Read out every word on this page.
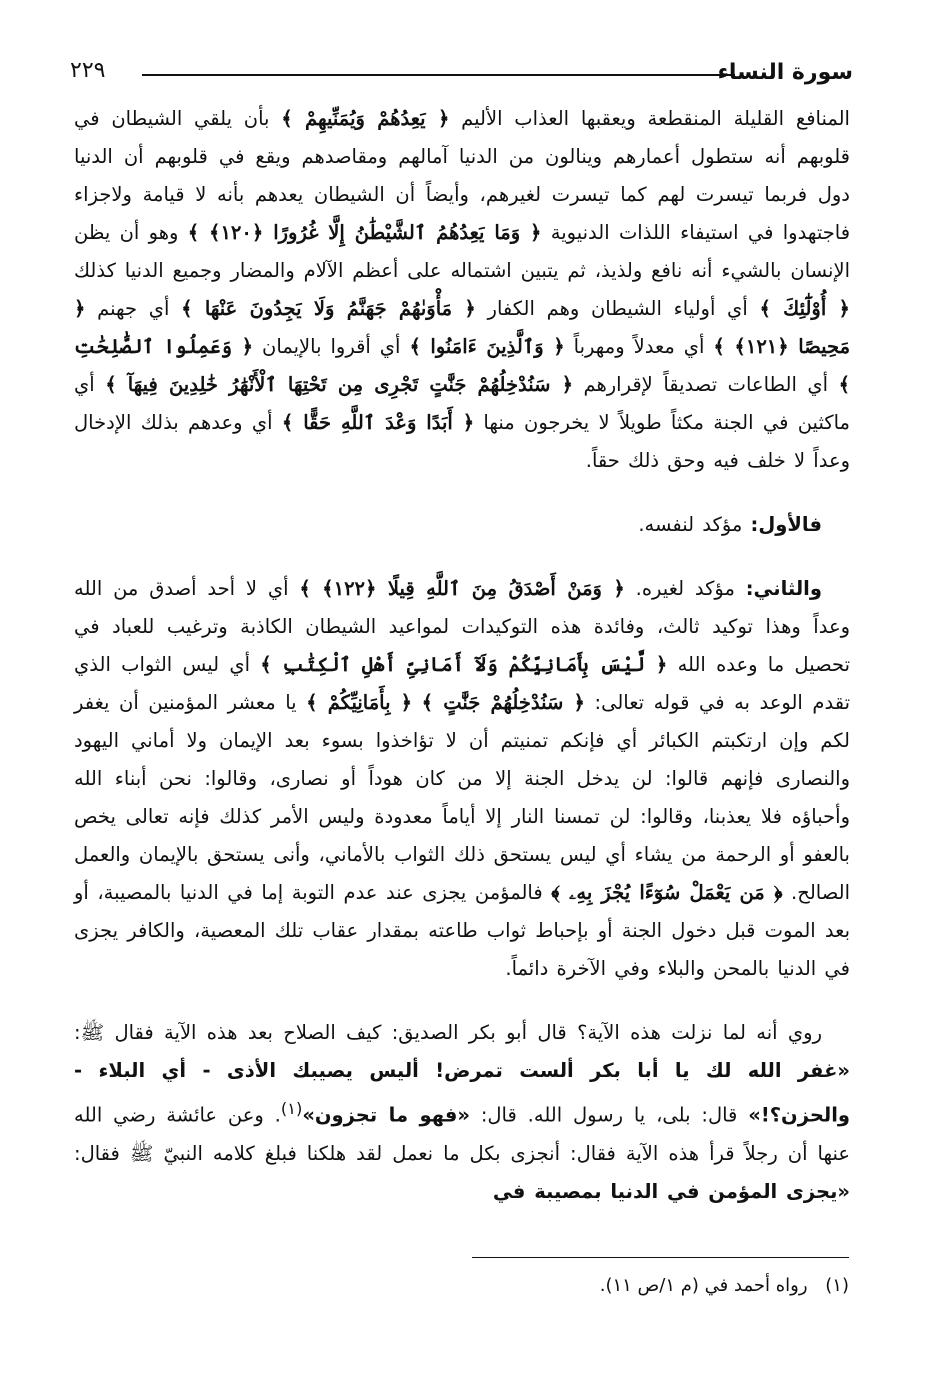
سورة النساء
٢٢٩

المنافع القليلة المنقطعة ويعقبها العذاب الأليم ﴿ يَعِدُهُمْ وَيُمَنِّيهِمْ ﴾ بأن يلقي الشيطان في قلوبهم أنه ستطول أعمارهم وينالون من الدنيا آمالهم ومقاصدهم ويقع في قلوبهم أن الدنيا دول فربما تيسرت لهم كما تيسرت لغيرهم، وأيضاً أن الشيطان يعدهم بأنه لا قيامة ولاجزاء فاجتهدوا في استيفاء اللذات الدنيوية ﴿ وَمَا يَعِدُهُمُ ٱلشَّيْطَٰنُ إِلَّا غُرُورًا ﴿١٢٠﴾ ﴾ وهو أن يظن الإنسان بالشيء أنه نافع ولذيذ، ثم يتبين اشتماله على أعظم الآلام والمضار وجميع الدنيا كذلك ﴿ أُوْلَٰٓئِكَ ﴾ أي أولياء الشيطان وهم الكفار ﴿ مَأْوَىٰهُمْ جَهَنَّمُ وَلَا يَجِدُونَ عَنْهَا ﴾ أي جهنم ﴿ مَحِيصًا ﴿١٢١﴾ ﴾ أي معدلاً ومهرباً ﴿ وَٱلَّذِينَ ءَامَنُوا ﴾ أي أقروا بالإيمان ﴿ وَعَمِلُوا ٱلصَّٰلِحَٰتِ ﴾ أي الطاعات تصديقاً لإقرارهم ﴿ سَنُدْخِلُهُمْ جَنَّٰتٍ تَجْرِى مِن تَحْتِهَا ٱلْأَنْهَٰرُ خَٰلِدِينَ فِيهَآ ﴾ أي ماكثين في الجنة مكثاً طويلاً لا يخرجون منها ﴿ أَبَدًا وَعْدَ ٱللَّهِ حَقًّا ﴾ أي وعدهم بذلك الإدخال وعداً لا خلف فيه وحق ذلك حقاً.

فالأول: مؤكد لنفسه.

والثاني: مؤكد لغيره. ﴿ وَمَنْ أَصْدَقُ مِنَ ٱللَّهِ قِيلًا ﴿١٢٢﴾ ﴾ أي لا أحد أصدق من الله وعداً وهذا توكيد ثالث، وفائدة هذه التوكيدات لمواعيد الشيطان الكاذبة وترغيب للعباد في تحصيل ما وعده الله ﴿ لَّيْسَ بِأَمَانِيِّكُمْ وَلَآ أَمَانِىِّ أَهْلِ ٱلْكِتَٰبِ ﴾ أي ليس الثواب الذي تقدم الوعد به في قوله تعالى: ﴿ سَنُدْخِلُهُمْ جَنَّٰتٍ ﴾ ﴿ بِأَمَانِيِّكُمْ ﴾ يا معشر المؤمنين أن يغفر لكم وإن ارتكبتم الكبائر أي فإنكم تمنيتم أن لا تؤاخذوا بسوء بعد الإيمان ولا أماني اليهود والنصارى فإنهم قالوا: لن يدخل الجنة إلا من كان هوداً أو نصارى، وقالوا: نحن أبناء الله وأحباؤه فلا يعذبنا، وقالوا: لن تمسنا النار إلا أياماً معدودة وليس الأمر كذلك فإنه تعالى يخص بالعفو أو الرحمة من يشاء أي ليس يستحق ذلك الثواب بالأماني، وأنى يستحق بالإيمان والعمل الصالح. ﴿ مَن يَعْمَلْ سُوٓءًا يُجْزَ بِهِۦ ﴾ فالمؤمن يجزى عند عدم التوبة إما في الدنيا بالمصيبة، أو بعد الموت قبل دخول الجنة أو بإحباط ثواب طاعته بمقدار عقاب تلك المعصية، والكافر يجزى في الدنيا بالمحن والبلاء وفي الآخرة دائماً.

روي أنه لما نزلت هذه الآية؟ قال أبو بكر الصديق: كيف الصلاح بعد هذه الآية فقال ﷺ: «غفر الله لك يا أبا بكر ألست تمرض! أليس يصيبك الأذى - أي البلاء - والحزن؟!» قال: بلى، يا رسول الله. قال: «فهو ما تجزون»$^{(١)}$. وعن عائشة رضي الله عنها أن رجلاً قرأ هذه الآية فقال: أنجزى بكل ما نعمل لقد هلكنا فبلغ كلامه النبيّ ﷺ فقال: «يجزى المؤمن في الدنيا بمصيبة في

(١) رواه أحمد في (م ١/ص ١١).
